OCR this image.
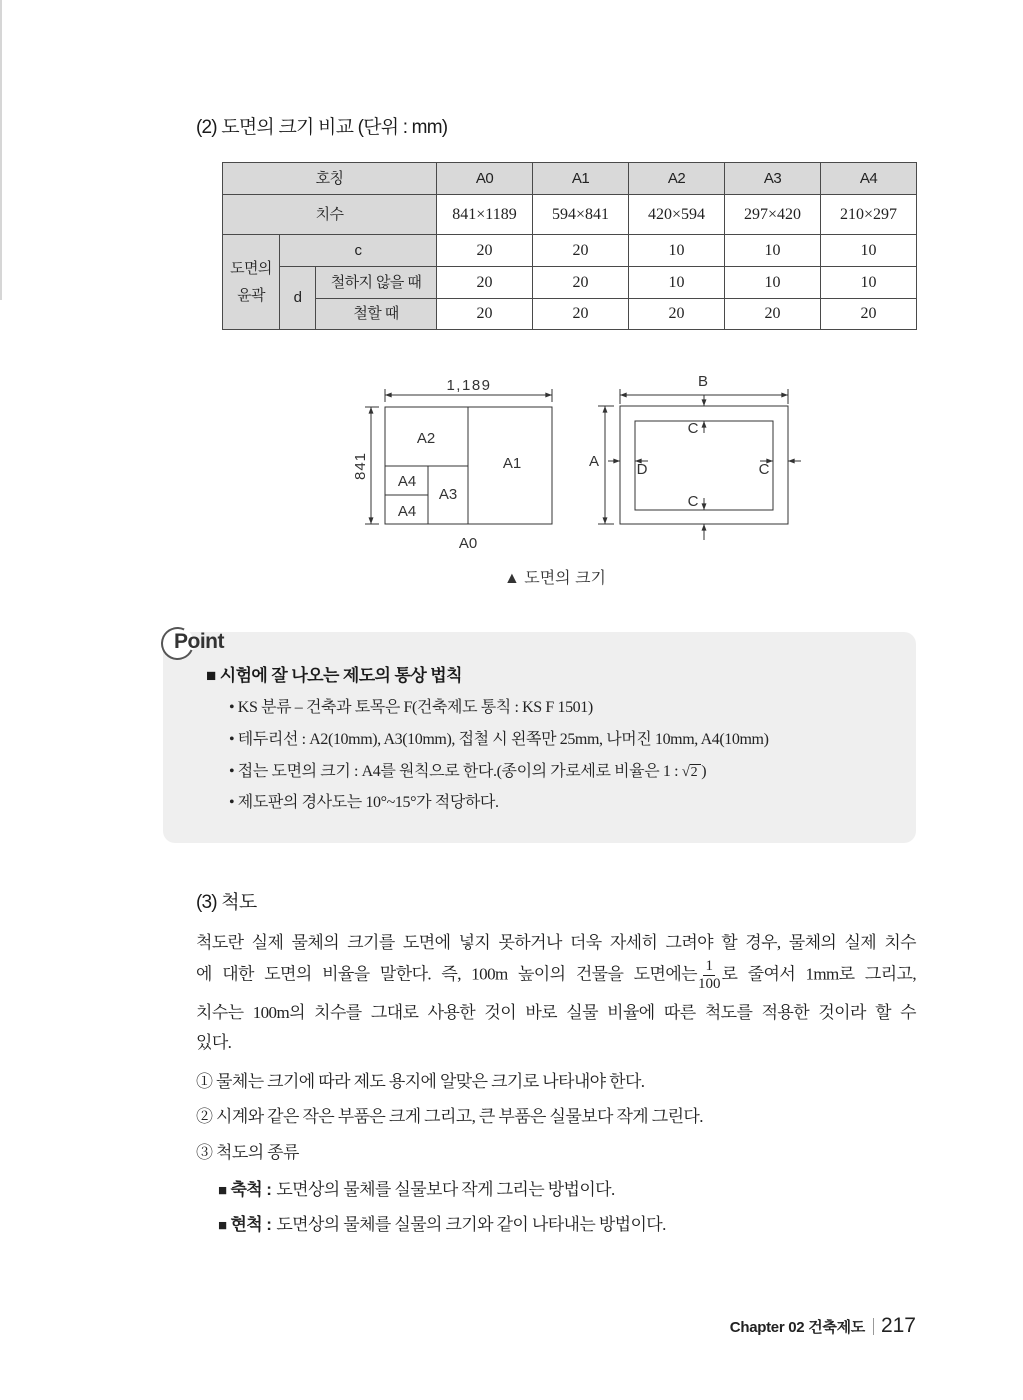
(2) 도면의 크기 비교 (단위 : mm)
호칭			A0	A1	A2	A3	A4
치수			841×1189	594×841	420×594	297×420	210×297
도면의 윤곽	c		20	20	10	10	10
	d	철하지 않을 때	20	20	10	10	10
		철할 때	20	20	20	20	20
1,189
841
A2
A1
A4
A4
A3
A0
B
A
C
D	C
C
▲ 도면의 크기
Point
■ 시험에 잘 나오는 제도의 통상 법칙
• KS 분류 – 건축과 토목은 F(건축제도 통칙 : KS F 1501)
• 테두리선 : A2(10mm), A3(10mm), 접철 시 왼쪽만 25mm, 나머진 10mm, A4(10mm)
• 접는 도면의 크기 : A4를 원칙으로 한다.(종이의 가로세로 비율은 1 : √2 )
• 제도판의 경사도는 10°~15°가 적당하다.
(3) 척도
척도란 실제 물체의 크기를 도면에 넣지 못하거나 더욱 자세히 그려야 할 경우, 물체의 실제 치수
에 대한 도면의 비율을 말한다. 즉, 100m 높이의 건물을 도면에는 $\frac{1}{100}$ 로 줄여서 1mm로 그리고,
치수는 100m의 치수를 그대로 사용한 것이 바로 실물 비율에 따른 척도를 적용한 것이라 할 수
있다.
① 물체는 크기에 따라 제도 용지에 알맞은 크기로 나타내야 한다.
② 시계와 같은 작은 부품은 크게 그리고, 큰 부품은 실물보다 작게 그린다.
③ 척도의 종류
■ 축척 : 도면상의 물체를 실물보다 작게 그리는 방법이다.
■ 현척 : 도면상의 물체를 실물의 크기와 같이 나타내는 방법이다.
Chapter 02 건축제도 217
